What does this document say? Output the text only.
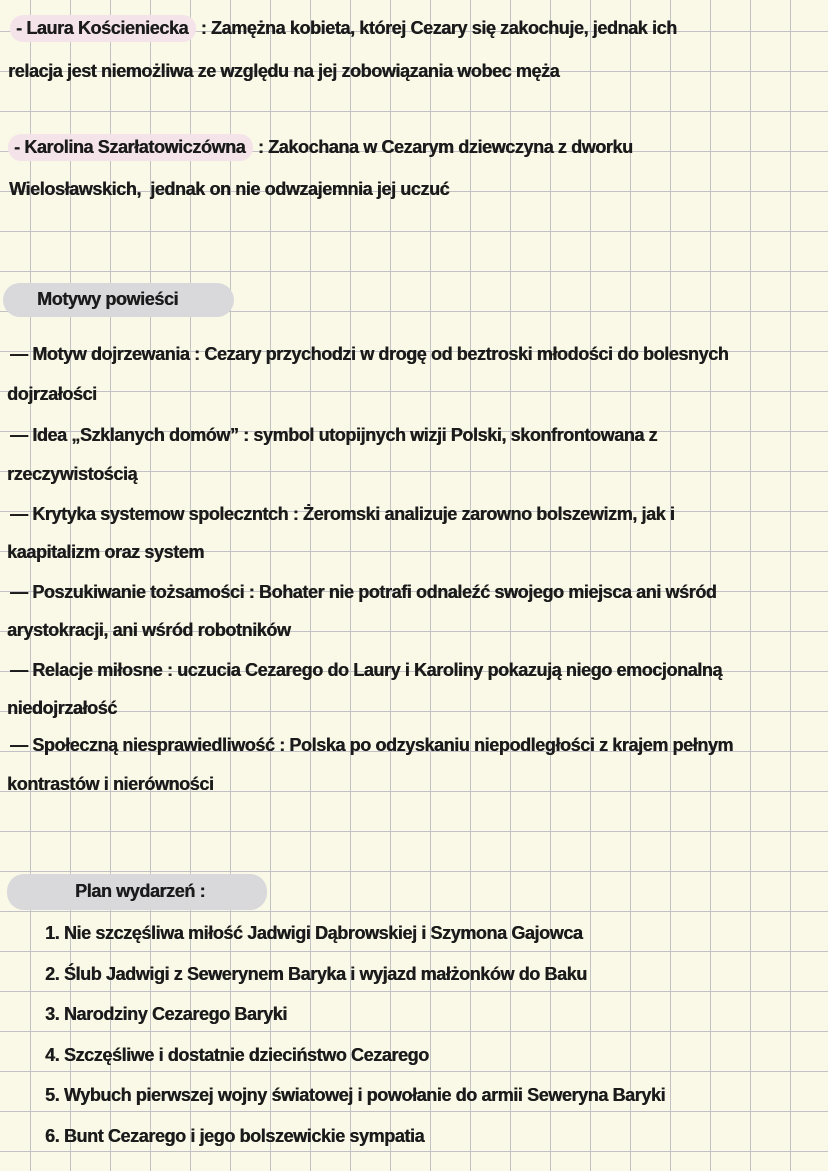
- Laura Kościeniecka : Zamężna kobieta, której Cezary się zakochuje, jednak ich
relacja jest niemożliwa ze względu na jej zobowiązania wobec męża
- Karolina Szarłatowiczówna : Zakochana w Cezarym dziewczyna z dworku
Wielosławskich,  jednak on nie odwzajemnia jej uczuć
Motywy powieści
— Motyw dojrzewania : Cezary przychodzi w drogę od beztroski młodości do bolesnych
dojrzałości
— Idea „Szklanych domów” : symbol utopijnych wizji Polski, skonfrontowana z
rzeczywistością
— Krytyka systemow spoleczntch : Żeromski analizuje zarowno bolszewizm, jak i
kaapitalizm oraz system
— Poszukiwanie tożsamości : Bohater nie potrafi odnaleźć swojego miejsca ani wśród
arystokracji, ani wśród robotników
— Relacje miłosne : uczucia Cezarego do Laury i Karoliny pokazują niego emocjonalną
niedojrzałość
— Społeczną niesprawiedliwość : Polska po odzyskaniu niepodległości z krajem pełnym
kontrastów i nierówności
Plan wydarzeń :
1. Nie szczęśliwa miłość Jadwigi Dąbrowskiej i Szymona Gajowca
2. Ślub Jadwigi z Sewerynem Baryka i wyjazd małżonków do Baku
3. Narodziny Cezarego Baryki
4. Szczęśliwe i dostatnie dzieciństwo Cezarego
5. Wybuch pierwszej wojny światowej i powołanie do armii Seweryna Baryki
6. Bunt Cezarego i jego bolszewickie sympatia
